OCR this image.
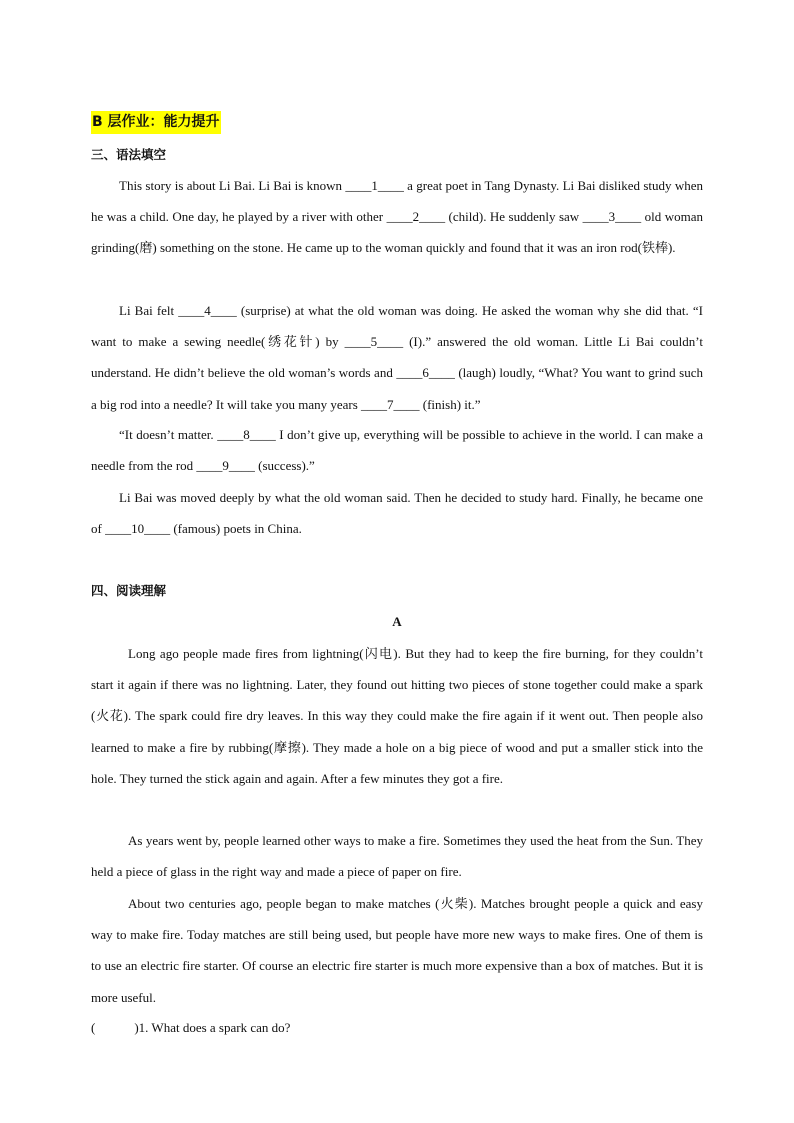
B 层作业：能力提升
三、语法填空

This story is about Li Bai. Li Bai is known ____1____ a great poet in Tang Dynasty. Li Bai disliked study when he was a child. One day, he played by a river with other ____2____ (child). He suddenly saw ____3____ old woman grinding(磨) something on the stone. He came up to the woman quickly and found that it was an iron rod(铁棒).

Li Bai felt ____4____ (surprise) at what the old woman was doing. He asked the woman why she did that. “I want to make a sewing needle(绣花针) by ____5____ (I).” answered the old woman. Little Li Bai couldn’t understand. He didn’t believe the old woman’s words and ____6____ (laugh) loudly, “What? You want to grind such a big rod into a needle? It will take you many years ____7____ (finish) it.”

“It doesn’t matter. ____8____ I don’t give up, everything will be possible to achieve in the world. I can make a needle from the rod ____9____ (success).”

Li Bai was moved deeply by what the old woman said. Then he decided to study hard. Finally, he became one of ____10____ (famous) poets in China.

四、阅读理解
A

Long ago people made fires from lightning(闪电). But they had to keep the fire burning, for they couldn’t start it again if there was no lightning. Later, they found out hitting two pieces of stone together could make a spark (火花). The spark could fire dry leaves. In this way they could make the fire again if it went out. Then people also learned to make a fire by rubbing(摩擦). They made a hole on a big piece of wood and put a smaller stick into the hole. They turned the stick again and again. After a few minutes they got a fire.

As years went by, people learned other ways to make a fire. Sometimes they used the heat from the Sun. They held a piece of glass in the right way and made a piece of paper on fire.

About two centuries ago, people began to make matches (火柴). Matches brought people a quick and easy way to make fire. Today matches are still being used, but people have more new ways to make fires. One of them is to use an electric fire starter. Of course an electric fire starter is much more expensive than a box of matches. But it is more useful.

(　　　)1. What does a spark can do?
